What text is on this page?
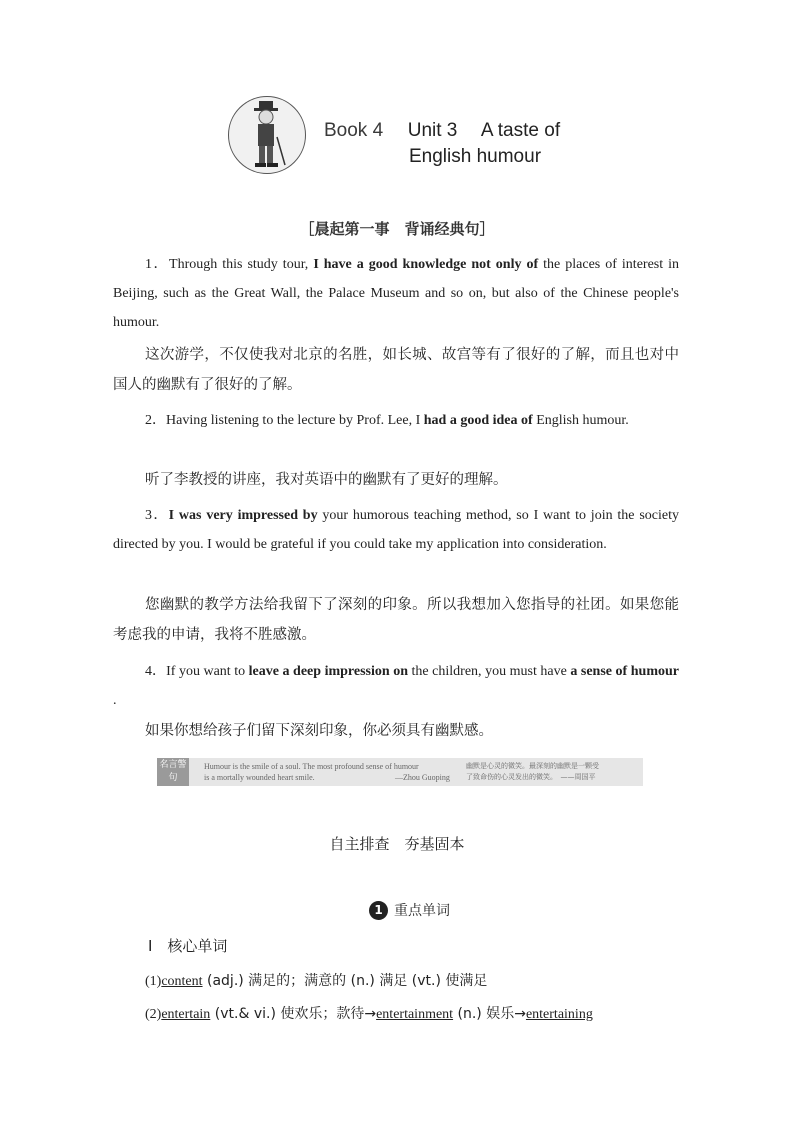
Book 4 Unit 3 A taste of
English humour
［晨起第一事　背诵经典句］
1．Through this study tour, I have a good knowledge not only of the places of interest in Beijing, such as the Great Wall, the Palace Museum and so on, but also of the Chinese people's humour.
这次游学，不仅使我对北京的名胜，如长城、故宫等有了很好的了解，而且也对中国人的幽默有了很好的了解。
2．Having listening to the lecture by Prof. Lee, I had a good idea of English humour.
听了李教授的讲座，我对英语中的幽默有了更好的理解。
3．I was very impressed by your humorous teaching method, so I want to join the society directed by you. I would be grateful if you could take my application into consideration.
您幽默的教学方法给我留下了深刻的印象。所以我想加入您指导的社团。如果您能考虑我的申请，我将不胜感激。
4．If you want to leave a deep impression on the children, you must have a sense of humour .
如果你想给孩子们留下深刻印象，你必须具有幽默感。
名言警句
Humour is the smile of a soul. The most profound sense of humour
is a mortally wounded heart smile.	—Zhou Guoping
幽默是心灵的微笑。最深刻的幽默是一颗受
了致命伤的心灵发出的微笑。　——周国平
自主排查　夯基固本
1 重点单词
Ⅰ　核心单词
(1)content (adj.) 满足的；满意的 (n.) 满足 (vt.) 使满足
(2)entertain (vt.& vi.) 使欢乐；款待→entertainment (n.) 娱乐→entertaining
